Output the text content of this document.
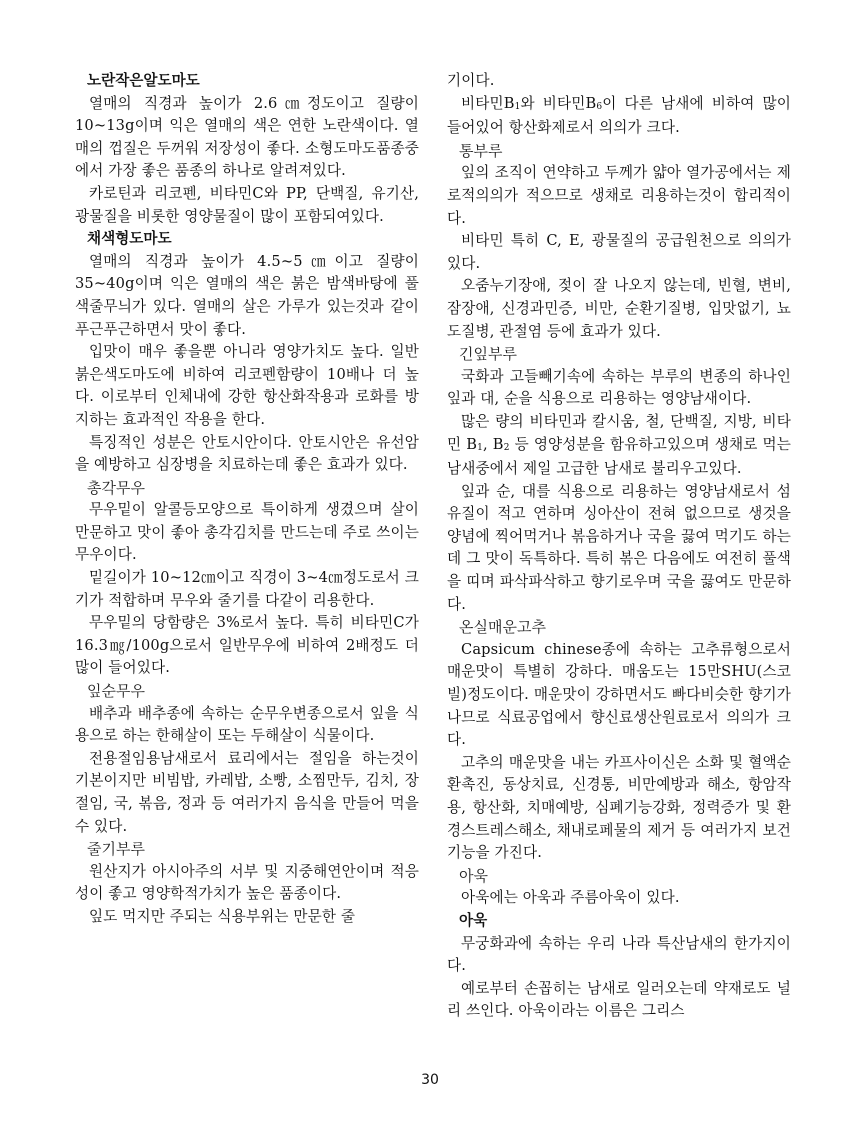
노란작은알도마도

열매의 직경과 높이가 2.6㎝정도이고 질량이 10~13g이며 익은 열매의 색은 연한 노란색이다. 열매의 껍질은 두꺼워 저장성이 좋다. 소형도마도품종중에서 가장 좋은 품종의 하나로 알려져있다.

카로틴과 리코펜, 비타민C와 PP, 단백질, 유기산, 광물질을 비롯한 영양물질이 많이 포함되여있다.

채색형도마도

열매의 직경과 높이가 4.5~5㎝이고 질량이 35~40g이며 익은 열매의 색은 붉은 밤색바탕에 풀색줄무늬가 있다. 열매의 살은 가루가 있는것과 같이 푸근푸근하면서 맛이 좋다.

입맛이 매우 좋을뿐 아니라 영양가치도 높다. 일반붉은색도마도에 비하여 리코펜함량이 10배나 더 높다. 이로부터 인체내에 강한 항산화작용과 로화를 방지하는 효과적인 작용을 한다.

특징적인 성분은 안토시안이다. 안토시안은 유선암을 예방하고 심장병을 치료하는데 좋은 효과가 있다.

총각무우

무우밑이 알콜등모양으로 특이하게 생겼으며 살이 만문하고 맛이 좋아 총각김치를 만드는데 주로 쓰이는 무우이다.

밑길이가 10~12㎝이고 직경이 3~4㎝정도로서 크기가 적합하며 무우와 줄기를 다같이 리용한다.

무우밑의 당함량은 3%로서 높다. 특히 비타민C가 16.3㎎/100g으로서 일반무우에 비하여 2배정도 더 많이 들어있다.

잎순무우

배추과 배추종에 속하는 순무우변종으로서 잎을 식용으로 하는 한해살이 또는 두해살이 식물이다.

전용절임용남새로서 료리에서는 절임을 하는것이 기본이지만 비빔밥, 카레밥, 소빵, 소찜만두, 김치, 장절임, 국, 볶음, 정과 등 여러가지 음식을 만들어 먹을수 있다.

줄기부루

원산지가 아시아주의 서부 및 지중해연안이며 적응성이 좋고 영양학적가치가 높은 품종이다.

잎도 먹지만 주되는 식용부위는 만문한 줄

기이다.

비타민$B_1$와 비타민$B_6$이 다른 남새에 비하여 많이 들어있어 항산화제로서 의의가 크다.

통부루

잎의 조직이 연약하고 두께가 얇아 열가공에서는 제로적의의가 적으므로 생채로 리용하는것이 합리적이다.

비타민 특히 C, E, 광물질의 공급원천으로 의의가 있다.

오줌누기장애, 젖이 잘 나오지 않는데, 빈혈, 변비, 잠장애, 신경과민증, 비만, 순환기질병, 입맛없기, 뇨도질병, 관절염 등에 효과가 있다.

긴잎부루

국화과 고들빼기속에 속하는 부루의 변종의 하나인 잎과 대, 순을 식용으로 리용하는 영양남새이다.

많은 량의 비타민과 칼시움, 철, 단백질, 지방, 비타민 $B_1$, $B_2$ 등 영양성분을 함유하고있으며 생채로 먹는 남새중에서 제일 고급한 남새로 불리우고있다.

잎과 순, 대를 식용으로 리용하는 영양남새로서 섬유질이 적고 연하며 싱아산이 전혀 없으므로 생것을 양념에 찍어먹거나 볶음하거나 국을 끓여 먹기도 하는데 그 맛이 독특하다. 특히 볶은 다음에도 여전히 풀색을 띠며 파삭파삭하고 향기로우며 국을 끓여도 만문하다.

온실매운고추

Capsicum chinese종에 속하는 고추류형으로서 매운맛이 특별히 강하다. 매움도는 15만SHU(스코빌)정도이다. 매운맛이 강하면서도 빠다비슷한 향기가 나므로 식료공업에서 향신료생산원료로서 의의가 크다.

고추의 매운맛을 내는 카프사이신은 소화 및 혈액순환촉진, 동상치료, 신경통, 비만예방과 해소, 항암작용, 항산화, 치매예방, 심폐기능강화, 정력증가 및 환경스트레스해소, 채내로페물의 제거 등 여러가지 보건기능을 가진다.

아욱

아욱에는 아욱과 주름아욱이 있다.

아욱

무궁화과에 속하는 우리 나라 특산남새의 한가지이다.

예로부터 손꼽히는 남새로 일러오는데 약재로도 널리 쓰인다. 아욱이라는 이름은 그리스

30
